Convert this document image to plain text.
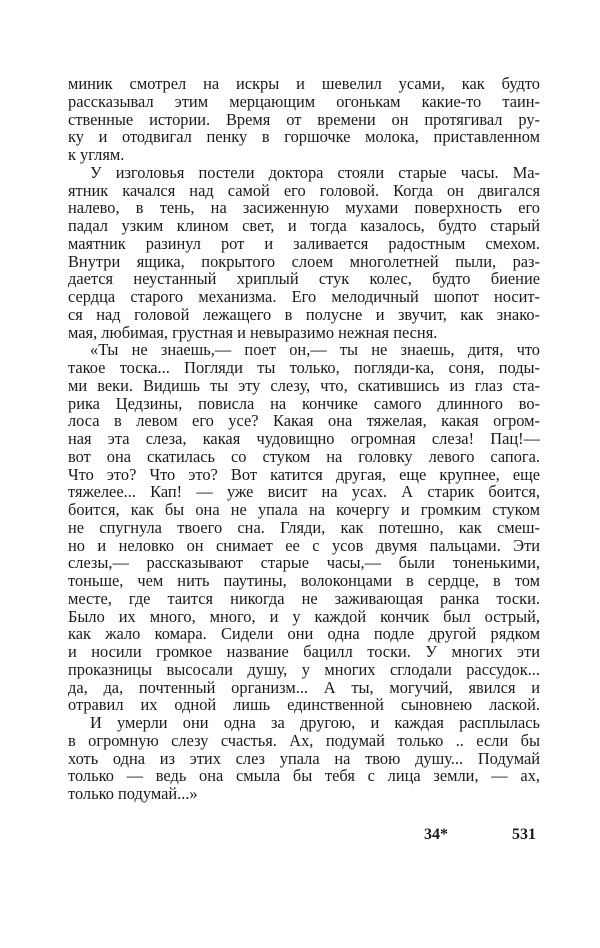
миник смотрел на искры и шевелил усами, как будто
рассказывал этим мерцающим огонькам какие-то таин-
ственные истории. Время от времени он протягивал ру-
ку и отодвигал пенку в горшочке молока, приставленном
к углям.

У изголовья постели доктора стояли старые часы. Ма-
ятник качался над самой его головой. Когда он двигался
налево, в тень, на засиженную мухами поверхность его
падал узким клином свет, и тогда казалось, будто старый
маятник разинул рот и заливается радостным смехом.
Внутри ящика, покрытого слоем многолетней пыли, раз-
дается неустанный хриплый стук колес, будто биение
сердца старого механизма. Его мелодичный шопот носит-
ся над головой лежащего в полусне и звучит, как знако-
мая, любимая, грустная и невыразимо нежная песня.

«Ты не знаешь,— поет он,— ты не знаешь, дитя, что
такое тоска... Погляди ты только, погляди-ка, соня, поды-
ми веки. Видишь ты эту слезу, что, скатившись из глаз ста-
рика Цедзины, повисла на кончике самого длинного во-
лоса в левом его усе? Какая она тяжелая, какая огром-
ная эта слеза, какая чудовищно огромная слеза! Пац!—
вот она скатилась со стуком на головку левого сапога.
Что это? Что это? Вот катится другая, еще крупнее, еще
тяжелее... Кап! — уже висит на усах. А старик боится,
боится, как бы она не упала на кочергу и громким стуком
не спугнула твоего сна. Гляди, как потешно, как смеш-
но и неловко он снимает ее с усов двумя пальцами. Эти
слезы,— рассказывают старые часы,— были тоненькими,
тоньше, чем нить паутины, волоконцами в сердце, в том
месте, где таится никогда не заживающая ранка тоски.
Было их много, много, и у каждой кончик был острый,
как жало комара. Сидели они одна подле другой рядком
и носили громкое название бацилл тоски. У многих эти
проказницы высосали душу, у многих сглодали рассудок...
да, да, почтенный организм... А ты, могучий, явился и
отравил их одной лишь единственной сыновнею лаской.

И умерли они одна за другою, и каждая расплылась
в огромную слезу счастья. Ах, подумай только .. если бы
хоть одна из этих слез упала на твою душу... Подумай
только — ведь она смыла бы тебя с лица земли, — ах,
только подумай...»

34*	531
